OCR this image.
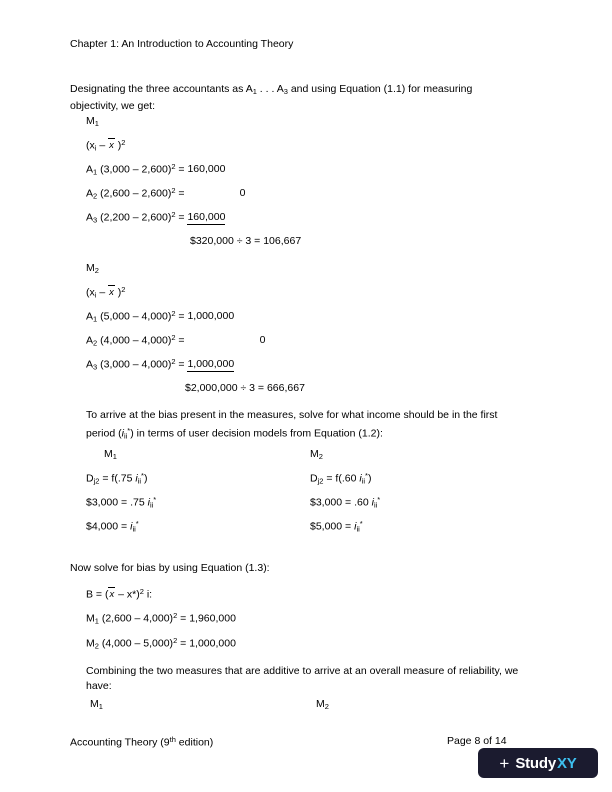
Chapter 1: An Introduction to Accounting Theory
Designating the three accountants as $A_1$ . . . $A_3$ and using Equation (1.1) for measuring
objectivity, we get:
$M_1$
($x_i$ –
x )$^2$
$A_1$ (3,000 – 2,600)$^2$ = 160,000
$A_2$ (2,600 – 2,600)$^2$ =	0
$A_3$ (2,200 – 2,600)$^2$ = 160,000
$320,000 ÷ 3 = 106,667
$M_2$
($x_i$ –
x )$^2$
$A_1$ (5,000 – 4,000)$^2$ = 1,000,000
$A_2$ (4,000 – 4,000)$^2$ =	0
$A_3$ (3,000 – 4,000)$^2$ = 1,000,000
$2,000,000 ÷ 3 = 666,667
To arrive at the bias present in the measures, solve for what income should be in the first
period $(i_{ii}^*)$ in terms of user decision models from Equation (1.2):
$M_1$	$M_2$
$D_{j2} = f(.75$ $i_{ii}^*$)	$D_{j2} = f(.60$ $i_{ii}^*$)
$3,000 = .75 $i_{ii}^*$	$3,000 = .60 $i_{ii}^*$
$4,000 = $i_{ii}^*$	$5,000 = $i_{ii}^*$
Now solve for bias by using Equation (1.3):
B = (
x – x*)$^2$ i:
$M_1$ (2,600 – 4,000)$^2$ = 1,960,000
$M_2$ (4,000 – 5,000)$^2$ = 1,000,000
Combining the two measures that are additive to arrive at an overall measure of reliability, we
have:
$M_1$	$M_2$
Accounting Theory (9th edition)	Page 8 of 14
+ Study XY
